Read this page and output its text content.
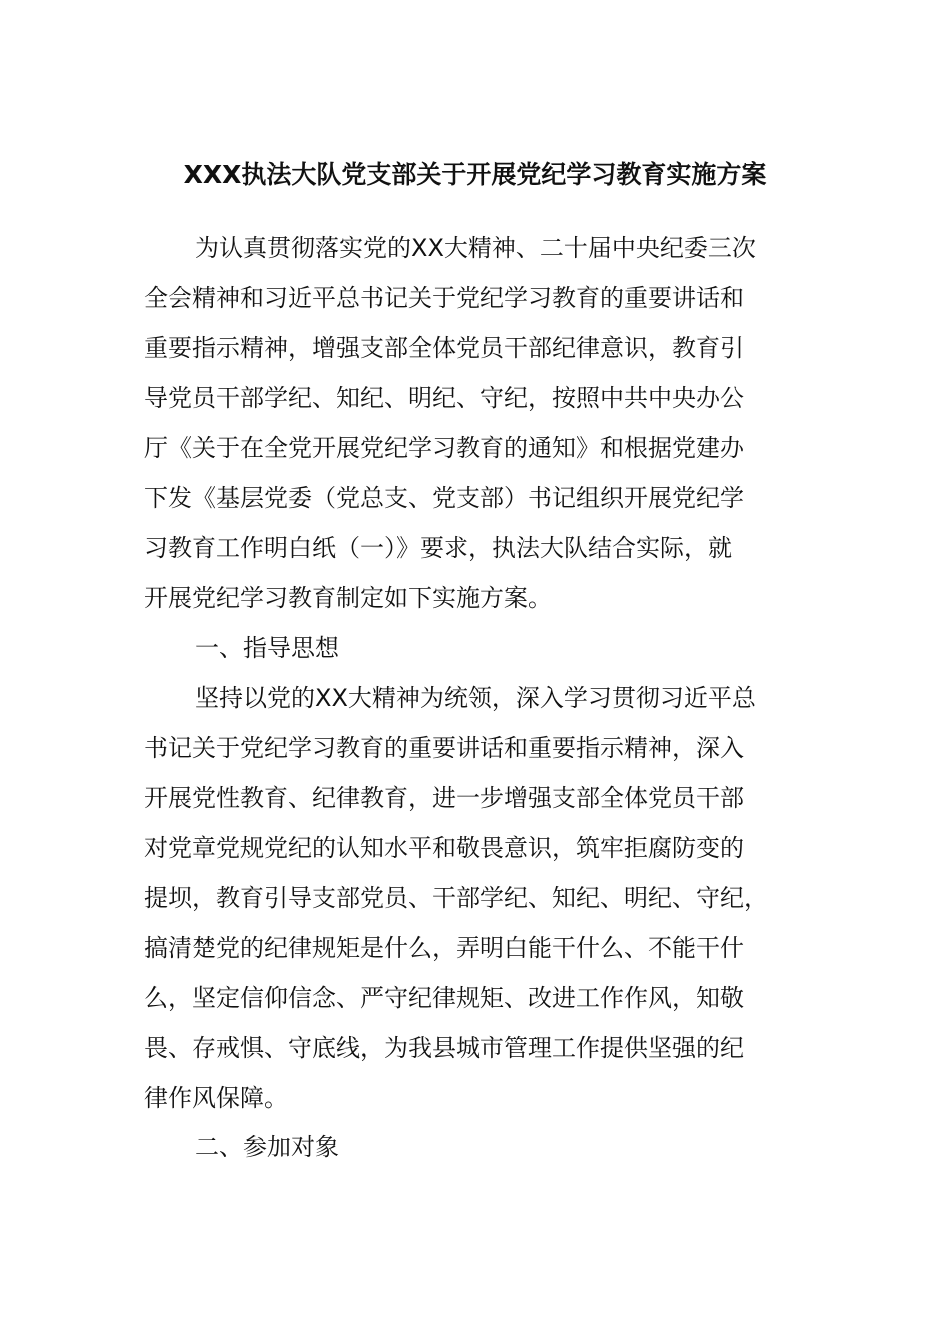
XXX执法大队党支部关于开展党纪学习教育实施方案

为认真贯彻落实党的XX大精神、二十届中央纪委三次

全会精神和习近平总书记关于党纪学习教育的重要讲话和

重要指示精神，增强支部全体党员干部纪律意识，教育引

导党员干部学纪、知纪、明纪、守纪，按照中共中央办公

厅《关于在全党开展党纪学习教育的通知》和根据党建办

下发《基层党委（党总支、党支部）书记组织开展党纪学

习教育工作明白纸（一）》要求，执法大队结合实际，就

开展党纪学习教育制定如下实施方案。

一、指导思想

坚持以党的XX大精神为统领，深入学习贯彻习近平总

书记关于党纪学习教育的重要讲话和重要指示精神，深入

开展党性教育、纪律教育，进一步增强支部全体党员干部

对党章党规党纪的认知水平和敬畏意识，筑牢拒腐防变的

提坝，教育引导支部党员、干部学纪、知纪、明纪、守纪，

搞清楚党的纪律规矩是什么，弄明白能干什么、不能干什

么，坚定信仰信念、严守纪律规矩、改进工作作风，知敬

畏、存戒惧、守底线，为我县城市管理工作提供坚强的纪

律作风保障。

二、参加对象
